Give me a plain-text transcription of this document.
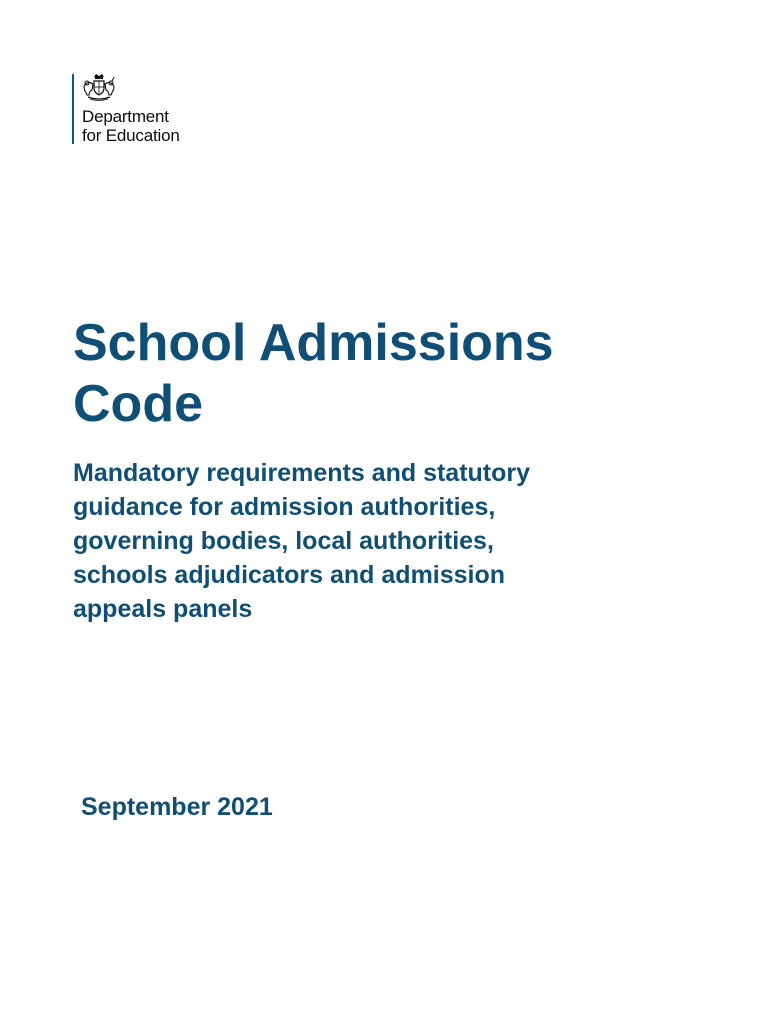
Department
for Education
School Admissions
Code
Mandatory requirements and statutory
guidance for admission authorities,
governing bodies, local authorities,
schools adjudicators and admission
appeals panels

September 2021
